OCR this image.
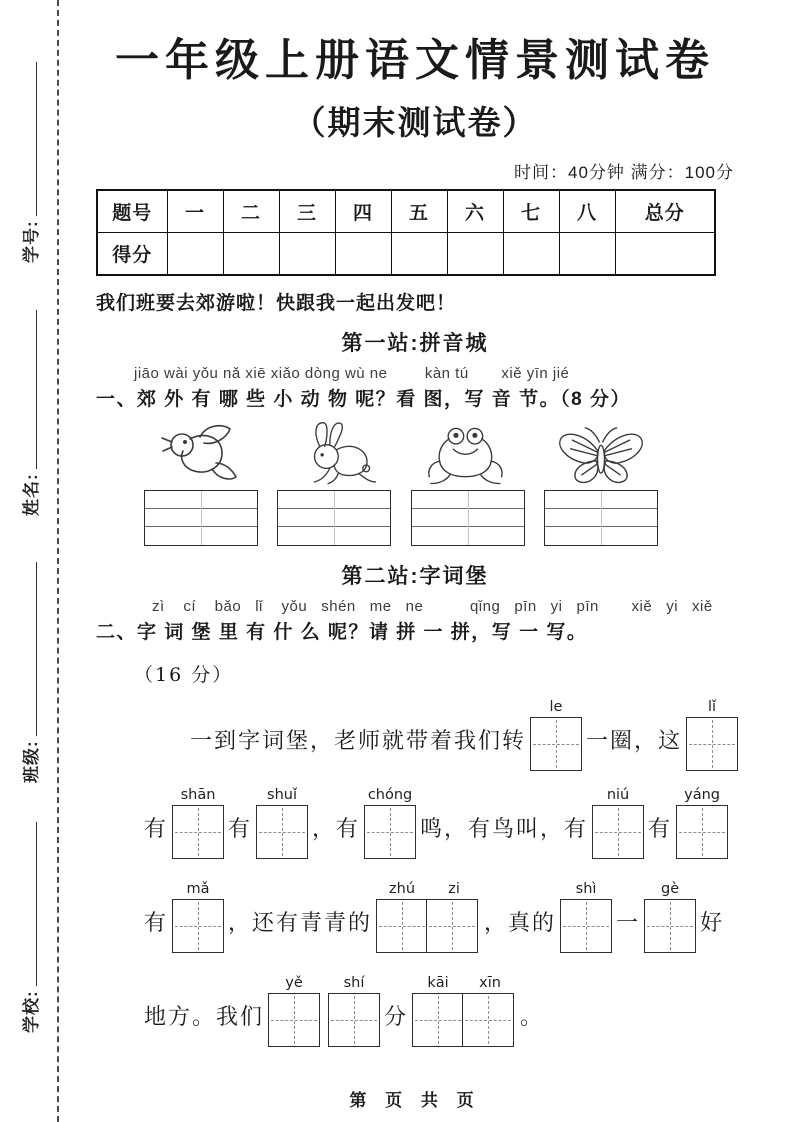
学号:
姓名:
班级:
学校:
一年级上册语文情景测试卷
（期末测试卷）
时间：40分钟 满分：100分
题号	一	二	三	四	五	六	七	八	总分
得分									
我们班要去郊游啦！快跟我一起出发吧！
第一站:拼音城
jiāo wài yǒu nǎ xiē xiǎo dòng wù ne        kàn tú       xiě yīn jié
一、郊 外 有 哪 些 小 动 物 呢？看 图，写 音 节。（8 分）
第二站:字词堡
zì    cí    bǎo   lǐ    yǒu   shén   me   ne          qǐng   pīn   yi   pīn       xiě   yi   xiě
二、字 词 堡 里 有 什 么 呢？请 拼 一 拼，写 一 写。
（16 分）
一到字词堡，老师就带着我们转
le
一圈，这
lǐ
有
shān
有
shuǐ
，有
chóng
鸣，有鸟叫，有
niú
有
yáng
有
mǎ
，还有青青的
zhú	zi
，真的
shì
一
gè
好
地方。我们
yě	shí
分
kāi	xīn
。
第 页 共 页
